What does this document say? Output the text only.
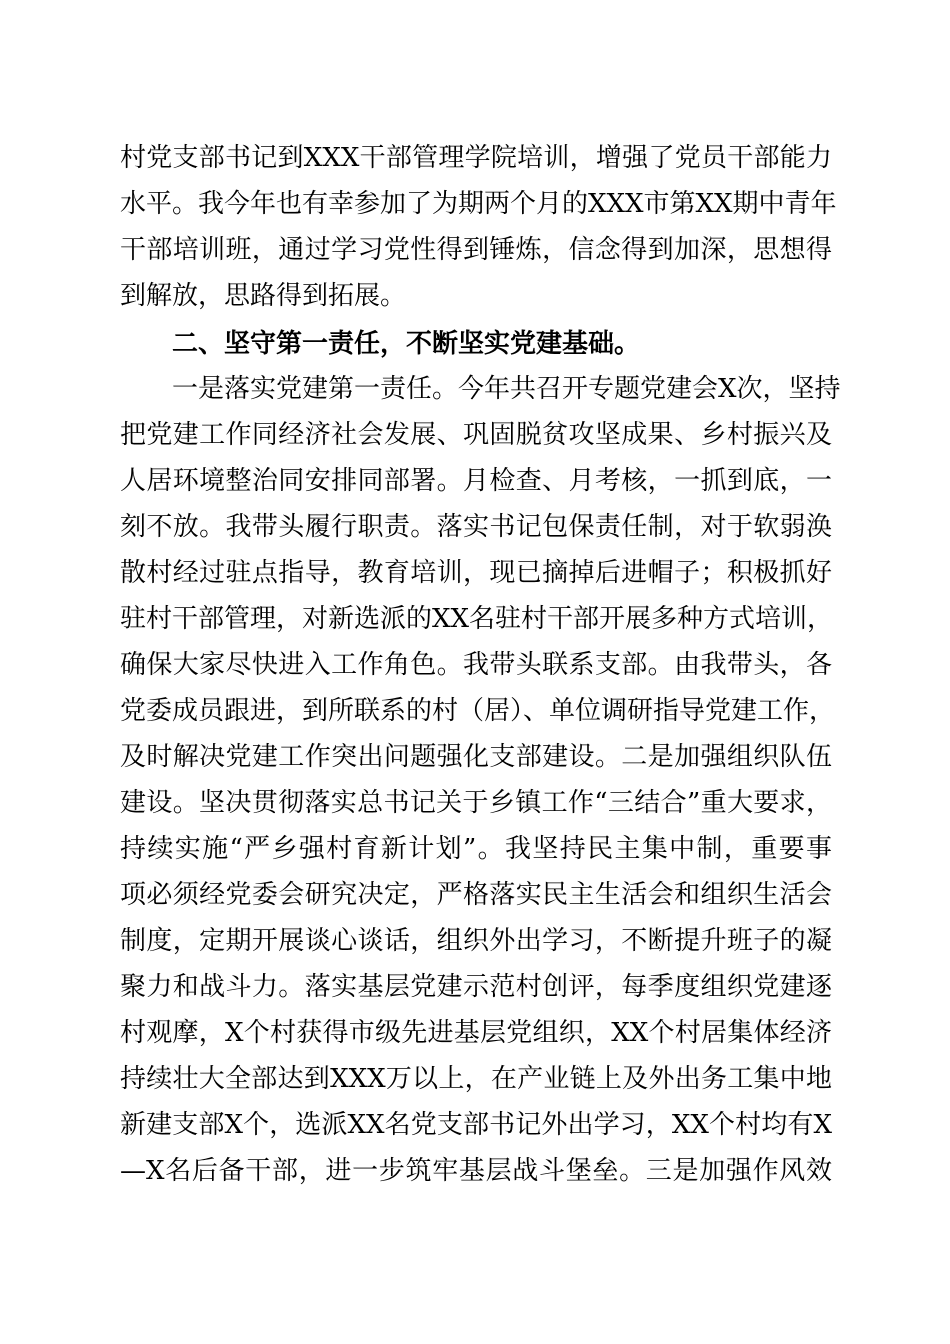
村党支部书记到XXX干部管理学院培训，增强了党员干部能力
水平。我今年也有幸参加了为期两个月的XXX市第XX期中青年
干部培训班，通过学习党性得到锤炼，信念得到加深，思想得
到解放，思路得到拓展。
二、坚守第一责任，不断坚实党建基础。
一是落实党建第一责任。今年共召开专题党建会X次，坚持
把党建工作同经济社会发展、巩固脱贫攻坚成果、乡村振兴及
人居环境整治同安排同部署。月检查、月考核，一抓到底，一
刻不放。我带头履行职责。落实书记包保责任制，对于软弱涣
散村经过驻点指导，教育培训，现已摘掉后进帽子；积极抓好
驻村干部管理，对新选派的XX名驻村干部开展多种方式培训，
确保大家尽快进入工作角色。我带头联系支部。由我带头，各
党委成员跟进，到所联系的村（居）、单位调研指导党建工作，
及时解决党建工作突出问题强化支部建设。二是加强组织队伍
建设。坚决贯彻落实总书记关于乡镇工作“三结合”重大要求，
持续实施“严乡强村育新计划”。我坚持民主集中制，重要事
项必须经党委会研究决定，严格落实民主生活会和组织生活会
制度，定期开展谈心谈话，组织外出学习，不断提升班子的凝
聚力和战斗力。落实基层党建示范村创评，每季度组织党建逐
村观摩，X个村获得市级先进基层党组织，XX个村居集体经济
持续壮大全部达到XXX万以上，在产业链上及外出务工集中地
新建支部X个，选派XX名党支部书记外出学习，XX个村均有X
—X名后备干部，进一步筑牢基层战斗堡垒。三是加强作风效
